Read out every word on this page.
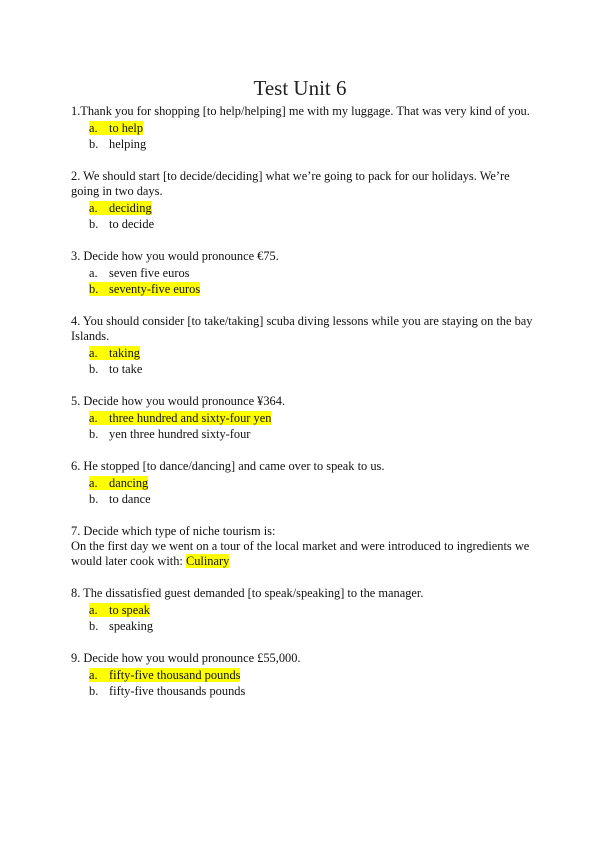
Test Unit 6

1.Thank you for shopping [to help/helping] me with my luggage. That was very kind of you.

a. to help
b. helping

2. We should start [to decide/deciding] what we’re going to pack for our holidays. We’re going in two days.

a. deciding
b. to decide

3. Decide how you would pronounce €75.

a. seven five euros
b. seventy-five euros

4. You should consider [to take/taking] scuba diving lessons while you are staying on the bay Islands.

a. taking
b. to take

5. Decide how you would pronounce ¥364.

a. three hundred and sixty-four yen
b. yen three hundred sixty-four

6. He stopped [to dance/dancing] and came over to speak to us.

a. dancing
b. to dance

7. Decide which type of niche tourism is:

On the first day we went on a tour of the local market and were introduced to ingredients we would later cook with: Culinary

8. The dissatisfied guest demanded [to speak/speaking] to the manager.

a. to speak
b. speaking

9. Decide how you would pronounce £55,000.

a. fifty-five thousand pounds
b. fifty-five thousands pounds
